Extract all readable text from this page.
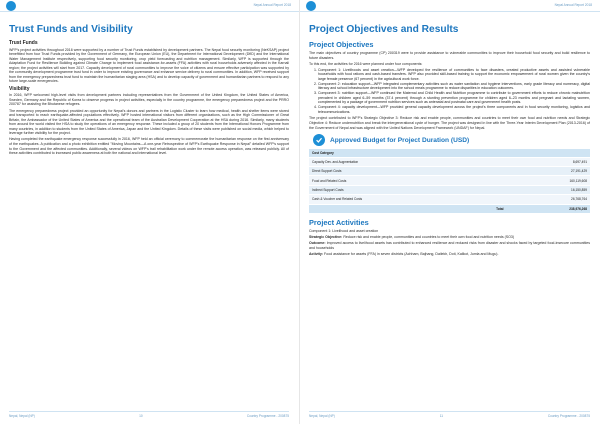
Nepal Annual Report 2018
Trust Funds and Visibility
Trust Funds

WFP's project activities throughout 2016 were supported by a number of Trust Funds established by development partners. The Nepal food security monitoring (NeKSAP) project benefitted from four Trust Funds provided by the Government of Germany, the European Union (EU), the Department for International Development (DfID) and the International Water Management Institute respectively, supporting food security monitoring, crop yield forecasting and nutrition management. Similarly, WFP is supported through the Adaptation Fund for Resilience Building against Climate Change to implement food assistance-for-assets (FFA) activities with rural households adversely affected in the Karnali region; the project activities will start from 2017. Capacity development of rural communities to improve the voice of citizens and ensure effective participation was supported by the community development programme trust fund in order to improve existing governance and enhance service delivery to rural communities. In addition, WFP received support from the emergency preparedness trust fund to maintain the humanitarian staging area (HSA) and to develop capacity of government and humanitarian partners to respond to any future large-scale emergencies.

Visibility

In 2016, WFP welcomed high-level visits from development partners including representatives from the Government of the United Kingdom, the United States of America, Sweden, Germany and the Republic of Korea to observe progress in project activities, especially in the country programme, the emergency preparedness project and the PRRO 200787 for assisting the Bhutanese refugees.

The emergency preparedness project provided an opportunity for Nepal's donors and partners in the Logistic Cluster to learn how medical, health and shelter items were stored and transported to reach earthquake-affected populations effectively. WFP hosted international visitors from different organizations, such as the High Commissioner of Great Britain, the Ambassador of the United States of America and the operational team of the Australian Development Cooperation at the HSA during 2016. Similarly, many students from around the world visited the HSA to study the operations of an emergency response. These included a group of 20 students from the International Honors Programme from many countries, in addition to students from the United States of America, Japan and the United Kingdom. Details of these visits were published on social media, which helped to leverage further visibility for the project.

Having completed the earthquake emergency response successfully in 2016, WFP held an official ceremony to commemorate the humanitarian response on the first anniversary of the earthquakes. A publication and a photo exhibition entitled "Moving Mountains—A one-year Retrospective of WFP's Earthquake Response in Nepal" detailed WFP's support to the Government and the affected communities. Additionally, several videos on WFP's trail rehabilitation work under the remote access operation, was released publicly. All of these activities contributed to increased public awareness at both the national and international level.

Nepal, Nepal (NP)	10	Country Programme - 200875
Nepal Annual Report 2018
Project Objectives and Results
Project Objectives

The main objectives of country programme (CP) 200319 were to provide assistance to vulnerable communities to improve their household food security and build resilience to future disasters.

To this end, the activities for 2016 were planned under four components:

1. Component 1: Livelihoods and asset creation—WFP developed the resilience of communities to face disasters, created productive assets and assisted vulnerable households with food rations and cash-based transfers. WFP also provided skill-based training to support the economic empowerment of rural women given the country's large female presence (67 percent) in the agricultural work force.
2. Component 2: education support—WFP integrated complementary activities such as water sanitation and hygiene interventions, early grade literacy and numeracy, digital literacy and school infrastructure development into the school meals programme to reduce disparities in education outcomes.
3. Component 3: nutrition support—WFP continued the Maternal and Child Health and Nutrition programme to contribute to government efforts to reduce chronic malnutrition prevalent in children aged 6–59 months (37.4 percent) through a stunting prevention programme for children aged 6–23 months and pregnant and lactating women, complemented by a package of government nutrition services such as antenatal and postnatal care and government health posts.
4. Component 4: capacity development—WFP provided general capacity development across the project's three components and in food security monitoring, logistics and telecommunications.

The project contributed to WFP's Strategic Objective 3: Reduce risk and enable people, communities and countries to meet their own food and nutrition needs and Strategic Objective 4: Reduce undernutrition and break the intergenerational cycle of hunger. The project was designed in line with the Three-Year Interim Development Plan (2013-2016) of the Government of Nepal and was aligned with the United Nations Development Framework (UNDAF) for Nepal.

Approved Budget for Project Duration (USD)
Cost Category	
Capacity Dev. and Augmentation	8,697,491
Direct Support Costs	27,191,429
Food and Related Costs	160,119,608
Indirect Support Costs	16,150,859
Cash & Voucher and Related Costs	26,768,764
Total	238,976,268
Project Activities

Component 1: Livelihood and asset creation

Strategic Objective: Reduce risk and enable people, communities and countries to meet their own food and nutrition needs (SO3)

Outcome: Improved access to livelihood assets has contributed to enhanced resilience and reduced risks from disaster and shocks faced by targeted food-insecure communities and households

Activity: Food assistance for assets (FFA) in seven districts (Achham, Bajhang, Dailekh, Doti, Kalikot, Jumla and Mugu).

Nepal, Nepal (NP)	11	Country Programme - 200875
